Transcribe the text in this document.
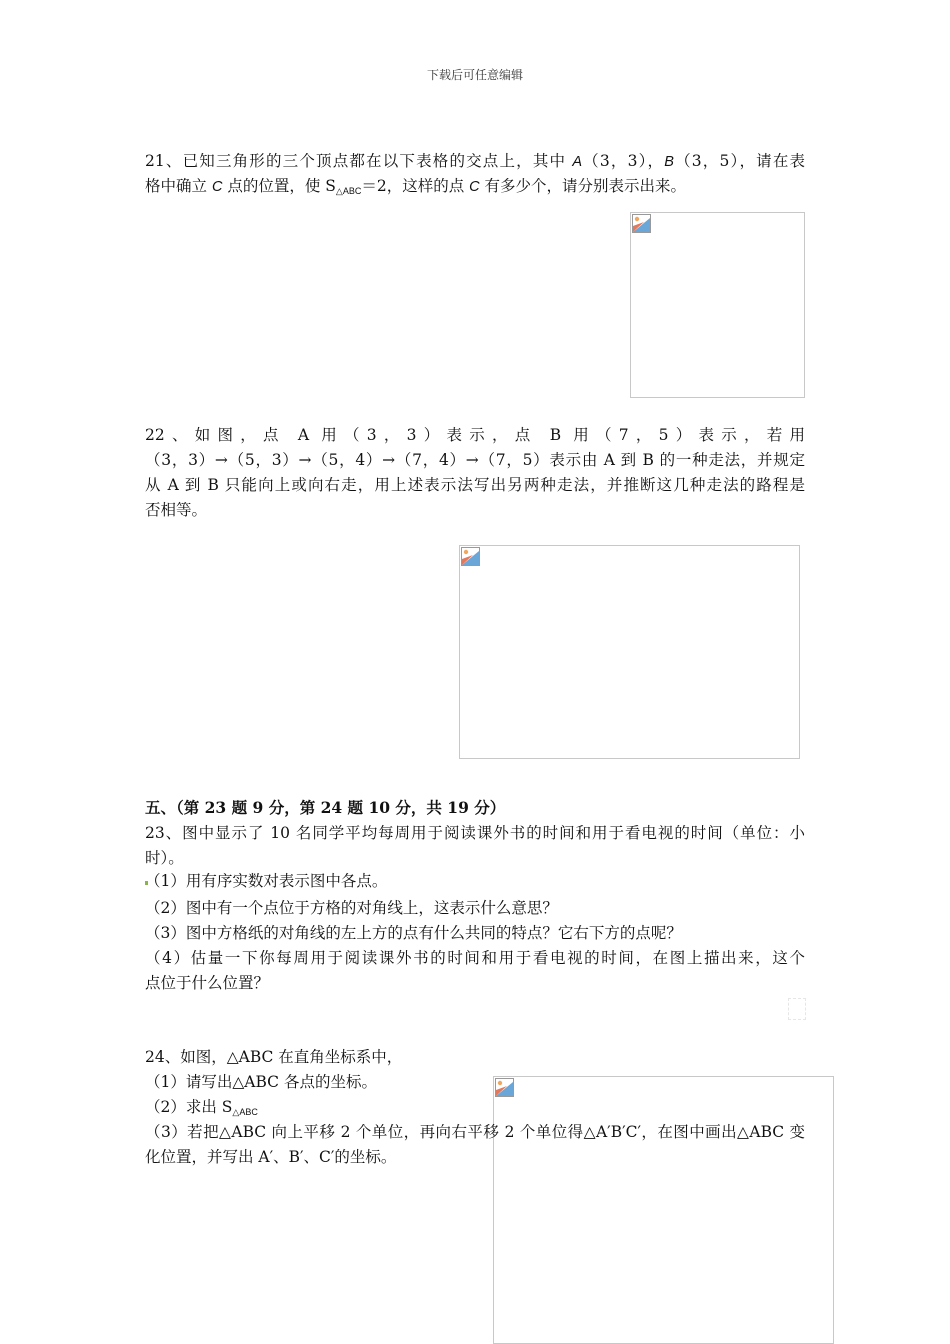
下载后可任意编辑
21、已知三角形的三个顶点都在以下表格的交点上，其中 A（3，3），B（3，5），请在表
格中确立 C 点的位置，使 $S_{\triangle ABC}=2$，这样的点 C 有多少个，请分别表示出来。
22、如图，点 A 用（3，3）表示，点 B 用（7，5）表示，若用
（3，3）→（5，3）→（5，4）→（7，4）→（7，5）表示由 A 到 B 的一种走法，并规定
从 A 到 B 只能向上或向右走，用上述表示法写出另两种走法，并推断这几种走法的路程是
否相等。
五、（第 23 题 9 分，第 24 题 10 分，共 19 分）
23、图中显示了 10 名同学平均每周用于阅读课外书的时间和用于看电视的时间（单位：小
时）。
（1）用有序实数对表示图中各点。
（2）图中有一个点位于方格的对角线上，这表示什么意思？
（3）图中方格纸的对角线的左上方的点有什么共同的特点？它右下方的点呢？
（4）估量一下你每周用于阅读课外书的时间和用于看电视的时间，在图上描出来，这个
点位于什么位置？
24、如图，△ABC 在直角坐标系中，
（1）请写出△ABC 各点的坐标。
（2）求出 $S_{\triangle ABC}$
（3）若把△ABC 向上平移 2 个单位，再向右平移 2 个单位得△A′B′C′，在图中画出△ABC 变
化位置，并写出 A′、B′、C′的坐标。
